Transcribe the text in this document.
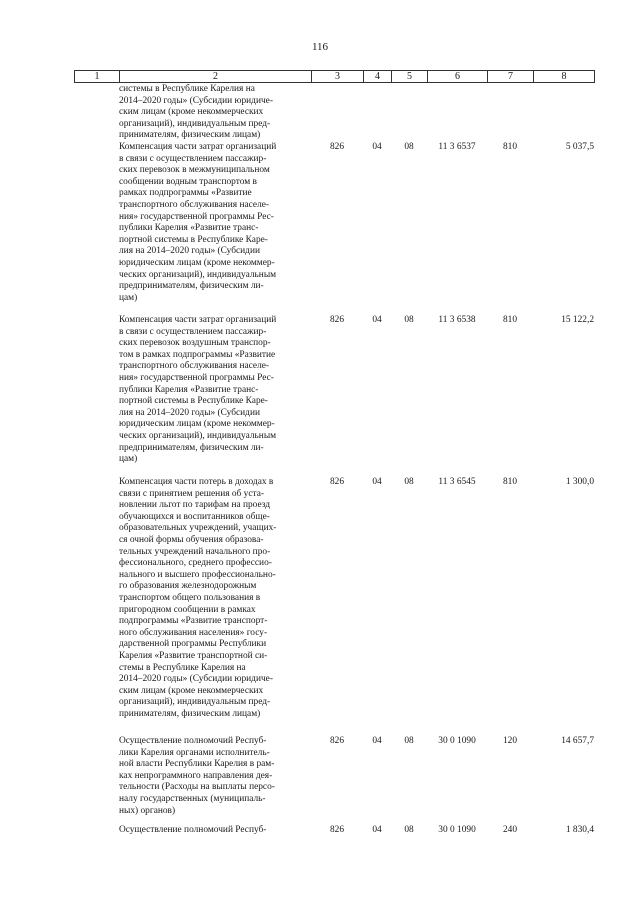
116
1	2	3	4	5	6	7	8
системы в Республике Карелия на
2014–2020 годы» (Субсидии юридиче-
ским лицам (кроме некоммерческих
организаций), индивидуальным пред-
принимателям, физическим лицам)
Компенсация части затрат организаций
в связи с осуществлением пассажир-
ских перевозок в межмуниципальном
сообщении водным транспортом в
рамках подпрограммы «Развитие
транспортного обслуживания населе-
ния» государственной программы Рес-
публики Карелия «Развитие транс-
портной системы в Республике Каре-
лия на 2014–2020 годы» (Субсидии
юридическим лицам (кроме некоммер-
ческих организаций), индивидуальным
предпринимателям, физическим ли-
цам)
826	04	08	11 3 6537	810	5 037,5
Компенсация части затрат организаций
в связи с осуществлением пассажир-
ских перевозок воздушным транспор-
том в рамках подпрограммы «Развитие
транспортного обслуживания населе-
ния» государственной программы Рес-
публики Карелия «Развитие транс-
портной системы в Республике Каре-
лия на 2014–2020 годы» (Субсидии
юридическим лицам (кроме некоммер-
ческих организаций), индивидуальным
предпринимателям, физическим ли-
цам)
826	04	08	11 3 6538	810	15 122,2
Компенсация части потерь в доходах в
связи с принятием решения об уста-
новлении льгот по тарифам на проезд
обучающихся и воспитанников обще-
образовательных учреждений, учащих-
ся очной формы обучения образова-
тельных учреждений начального про-
фессионального, среднего профессио-
нального и высшего профессионально-
го образования железнодорожным
транспортом общего пользования в
пригородном сообщении в рамках
подпрограммы «Развитие транспорт-
ного обслуживания населения» госу-
дарственной программы Республики
Карелия «Развитие транспортной си-
стемы в Республике Карелия на
2014–2020 годы» (Субсидии юридиче-
ским лицам (кроме некоммерческих
организаций), индивидуальным пред-
принимателям, физическим лицам)
826	04	08	11 3 6545	810	1 300,0
Осуществление полномочий Респуб-
лики Карелия органами исполнитель-
ной власти Республики Карелия в рам-
ках непрограммного направления дея-
тельности (Расходы на выплаты персо-
налу государственных (муниципаль-
ных) органов)
826	04	08	30 0 1090	120	14 657,7
Осуществление полномочий Респуб-	826	04	08	30 0 1090	240	1 830,4
